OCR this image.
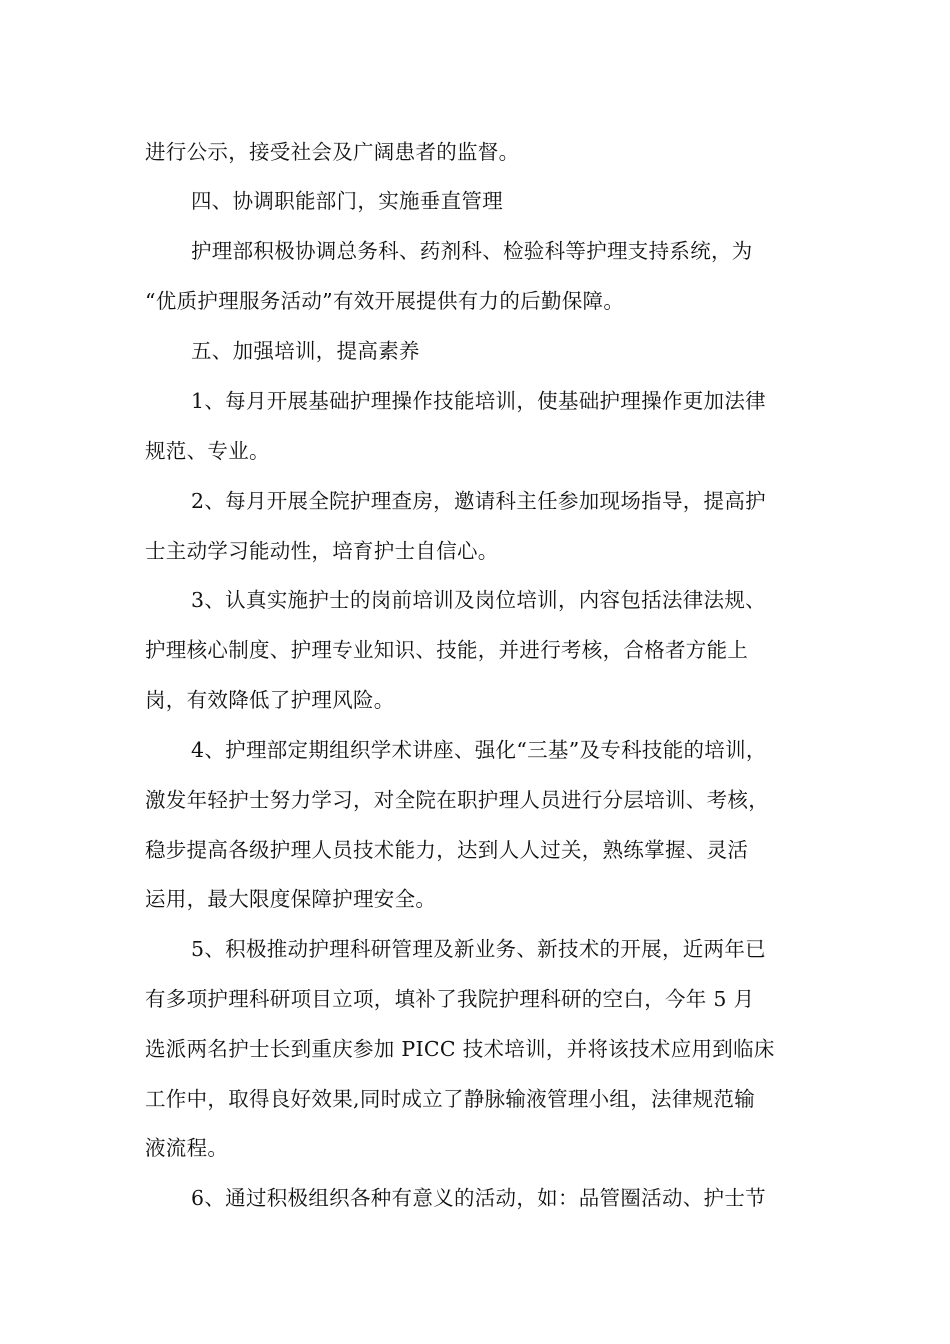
进行公示，接受社会及广阔患者的监督。
四、协调职能部门，实施垂直管理
护理部积极协调总务科、药剂科、检验科等护理支持系统，为
“优质护理服务活动”有效开展提供有力的后勤保障。
五、加强培训，提高素养
1、每月开展基础护理操作技能培训，使基础护理操作更加法律
规范、专业。
2、每月开展全院护理查房，邀请科主任参加现场指导，提高护
士主动学习能动性，培育护士自信心。
3、认真实施护士的岗前培训及岗位培训，内容包括法律法规、
护理核心制度、护理专业知识、技能，并进行考核，合格者方能上
岗，有效降低了护理风险。
4、护理部定期组织学术讲座、强化“三基”及专科技能的培训，
激发年轻护士努力学习，对全院在职护理人员进行分层培训、考核，
稳步提高各级护理人员技术能力，达到人人过关，熟练掌握、灵活
运用，最大限度保障护理安全。
5、积极推动护理科研管理及新业务、新技术的开展，近两年已
有多项护理科研项目立项，填补了我院护理科研的空白，今年 5 月
选派两名护士长到重庆参加 PICC 技术培训，并将该技术应用到临床
工作中，取得良好效果,同时成立了静脉输液管理小组，法律规范输
液流程。
6、通过积极组织各种有意义的活动，如：品管圈活动、护士节
